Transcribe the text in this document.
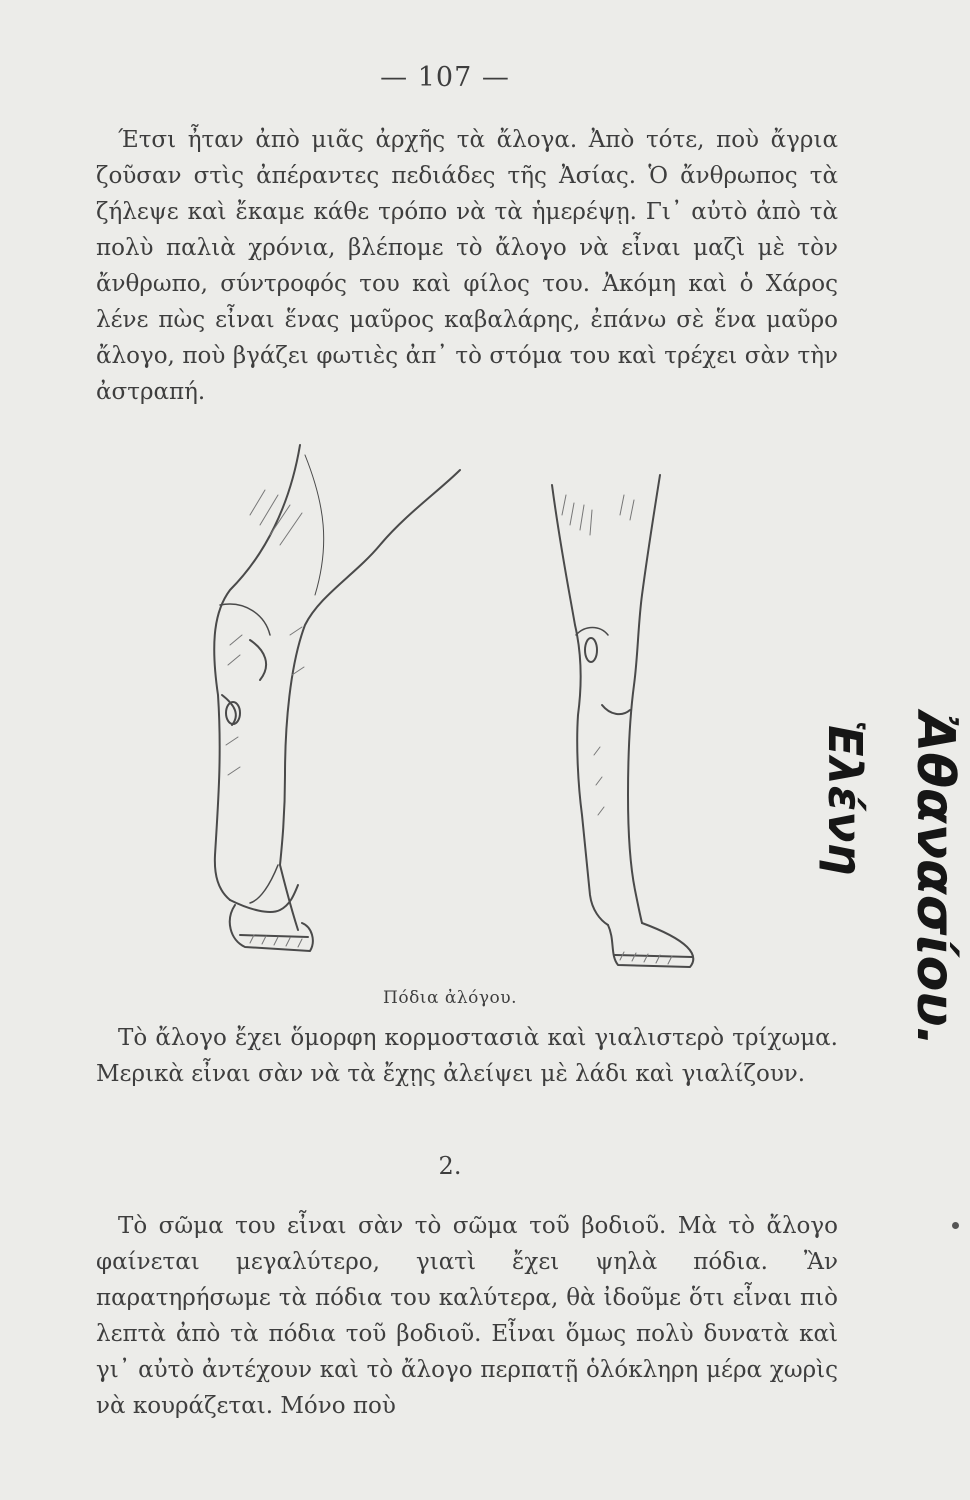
— 107 —
Έτσι ἦταν ἀπὸ μιᾶς ἀρχῆς τὰ ἄλογα. Ἀπὸ τότε, ποὺ ἄγρια ζοῦσαν στὶς ἀπέραντες πεδιάδες τῆς Ἀσίας. Ὁ ἄνθρωπος τὰ ζήλεψε καὶ ἔκαμε κάθε τρόπο νὰ τὰ ἡμερέψῃ. Γι᾽ αὐτὸ ἀπὸ τὰ πολὺ παλιὰ χρόνια, βλέπομε τὸ ἄλογο νὰ εἶναι μαζὶ μὲ τὸν ἄνθρωπο, σύντροφός του καὶ φίλος του. Ἀκόμη καὶ ὁ Χάρος λένε πὼς εἶναι ἕνας μαῦρος καβαλάρης, ἐπάνω σὲ ἕνα μαῦρο ἄλογο, ποὺ βγάζει φωτιὲς ἀπ᾽ τὸ στόμα του καὶ τρέχει σὰν τὴν ἀστραπή.
Πόδια ἀλόγου.	Ἀθανασίου.
Ἑλένη
Τὸ ἄλογο ἔχει ὅμορφη κορμοστασιὰ καὶ γιαλιστερὸ τρίχωμα. Μερικὰ εἶναι σὰν νὰ τὰ ἔχῃς ἀλείψει μὲ λάδι καὶ γιαλίζουν.
2.
Τὸ σῶμα του εἶναι σὰν τὸ σῶμα τοῦ βοδιοῦ. Μὰ τὸ ἄλογο φαίνεται μεγαλύτερο, γιατὶ ἔχει ψηλὰ πόδια. Ἂν παρατηρήσωμε τὰ πόδια του καλύτερα, θὰ ἰδοῦμε ὅτι εἶναι πιὸ λεπτὰ ἀπὸ τὰ πόδια τοῦ βοδιοῦ. Εἶναι ὅμως πολὺ δυνατὰ καὶ γι᾽ αὐτὸ ἀντέχουν καὶ τὸ ἄλογο περπατῇ ὁλόκληρη μέρα χωρὶς νὰ κουράζεται. Μόνο ποὺ
